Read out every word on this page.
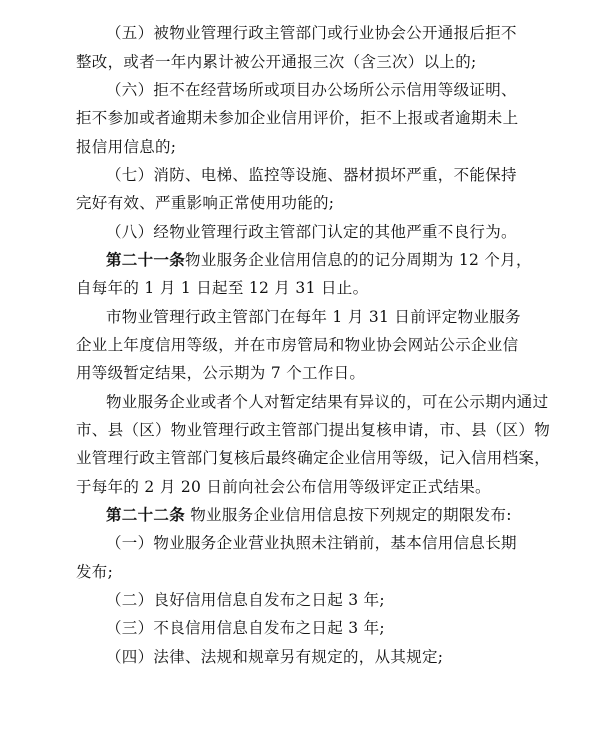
（五）被物业管理行政主管部门或行业协会公开通报后拒不
整改，或者一年内累计被公开通报三次（含三次）以上的;
（六）拒不在经营场所或项目办公场所公示信用等级证明、
拒不参加或者逾期未参加企业信用评价，拒不上报或者逾期未上
报信用信息的;
（七）消防、电梯、监控等设施、器材损坏严重，不能保持
完好有效、严重影响正常使用功能的;
（八）经物业管理行政主管部门认定的其他严重不良行为。
第二十一条物业服务企业信用信息的的记分周期为 12 个月，
自每年的 1 月 1 日起至 12 月 31 日止。
市物业管理行政主管部门在每年 1 月 31 日前评定物业服务
企业上年度信用等级，并在市房管局和物业协会网站公示企业信
用等级暂定结果，公示期为 7 个工作日。
物业服务企业或者个人对暂定结果有异议的，可在公示期内通过
市、县（区）物业管理行政主管部门提出复核申请，市、县（区）物
业管理行政主管部门复核后最终确定企业信用等级，记入信用档案，
于每年的 2 月 20 日前向社会公布信用等级评定正式结果。
第二十二条 物业服务企业信用信息按下列规定的期限发布:
（一）物业服务企业营业执照未注销前，基本信用信息长期
发布;
（二）良好信用信息自发布之日起 3 年;
（三）不良信用信息自发布之日起 3 年;
（四）法律、法规和规章另有规定的，从其规定;
